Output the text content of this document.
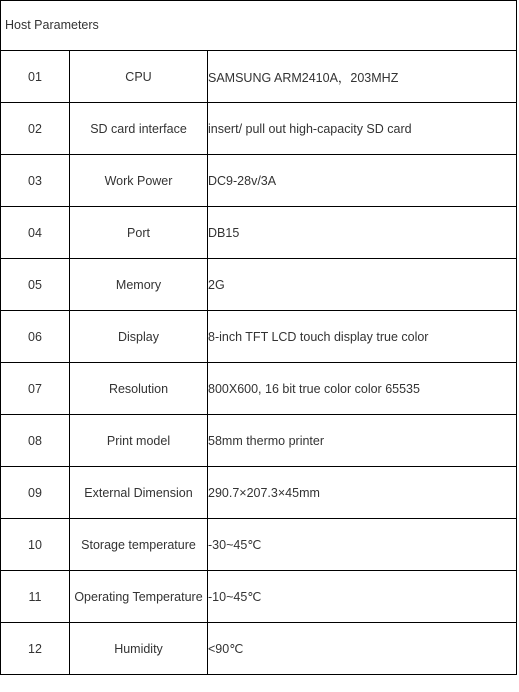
Host Parameters
01	CPU	SAMSUNG ARM2410A，203MHZ
02	SD card interface	insert/ pull out high-capacity SD card
03	Work Power	DC9-28v/3A
04	Port	DB15
05	Memory	2G
06	Display	8-inch TFT LCD touch display true color
07	Resolution	800X600, 16 bit true color color 65535
08	Print model	58mm thermo printer
09	External Dimension	290.7×207.3×45mm
10	Storage temperature	-30~45℃
11	Operating Temperature	-10~45℃
12	Humidity	<90℃
